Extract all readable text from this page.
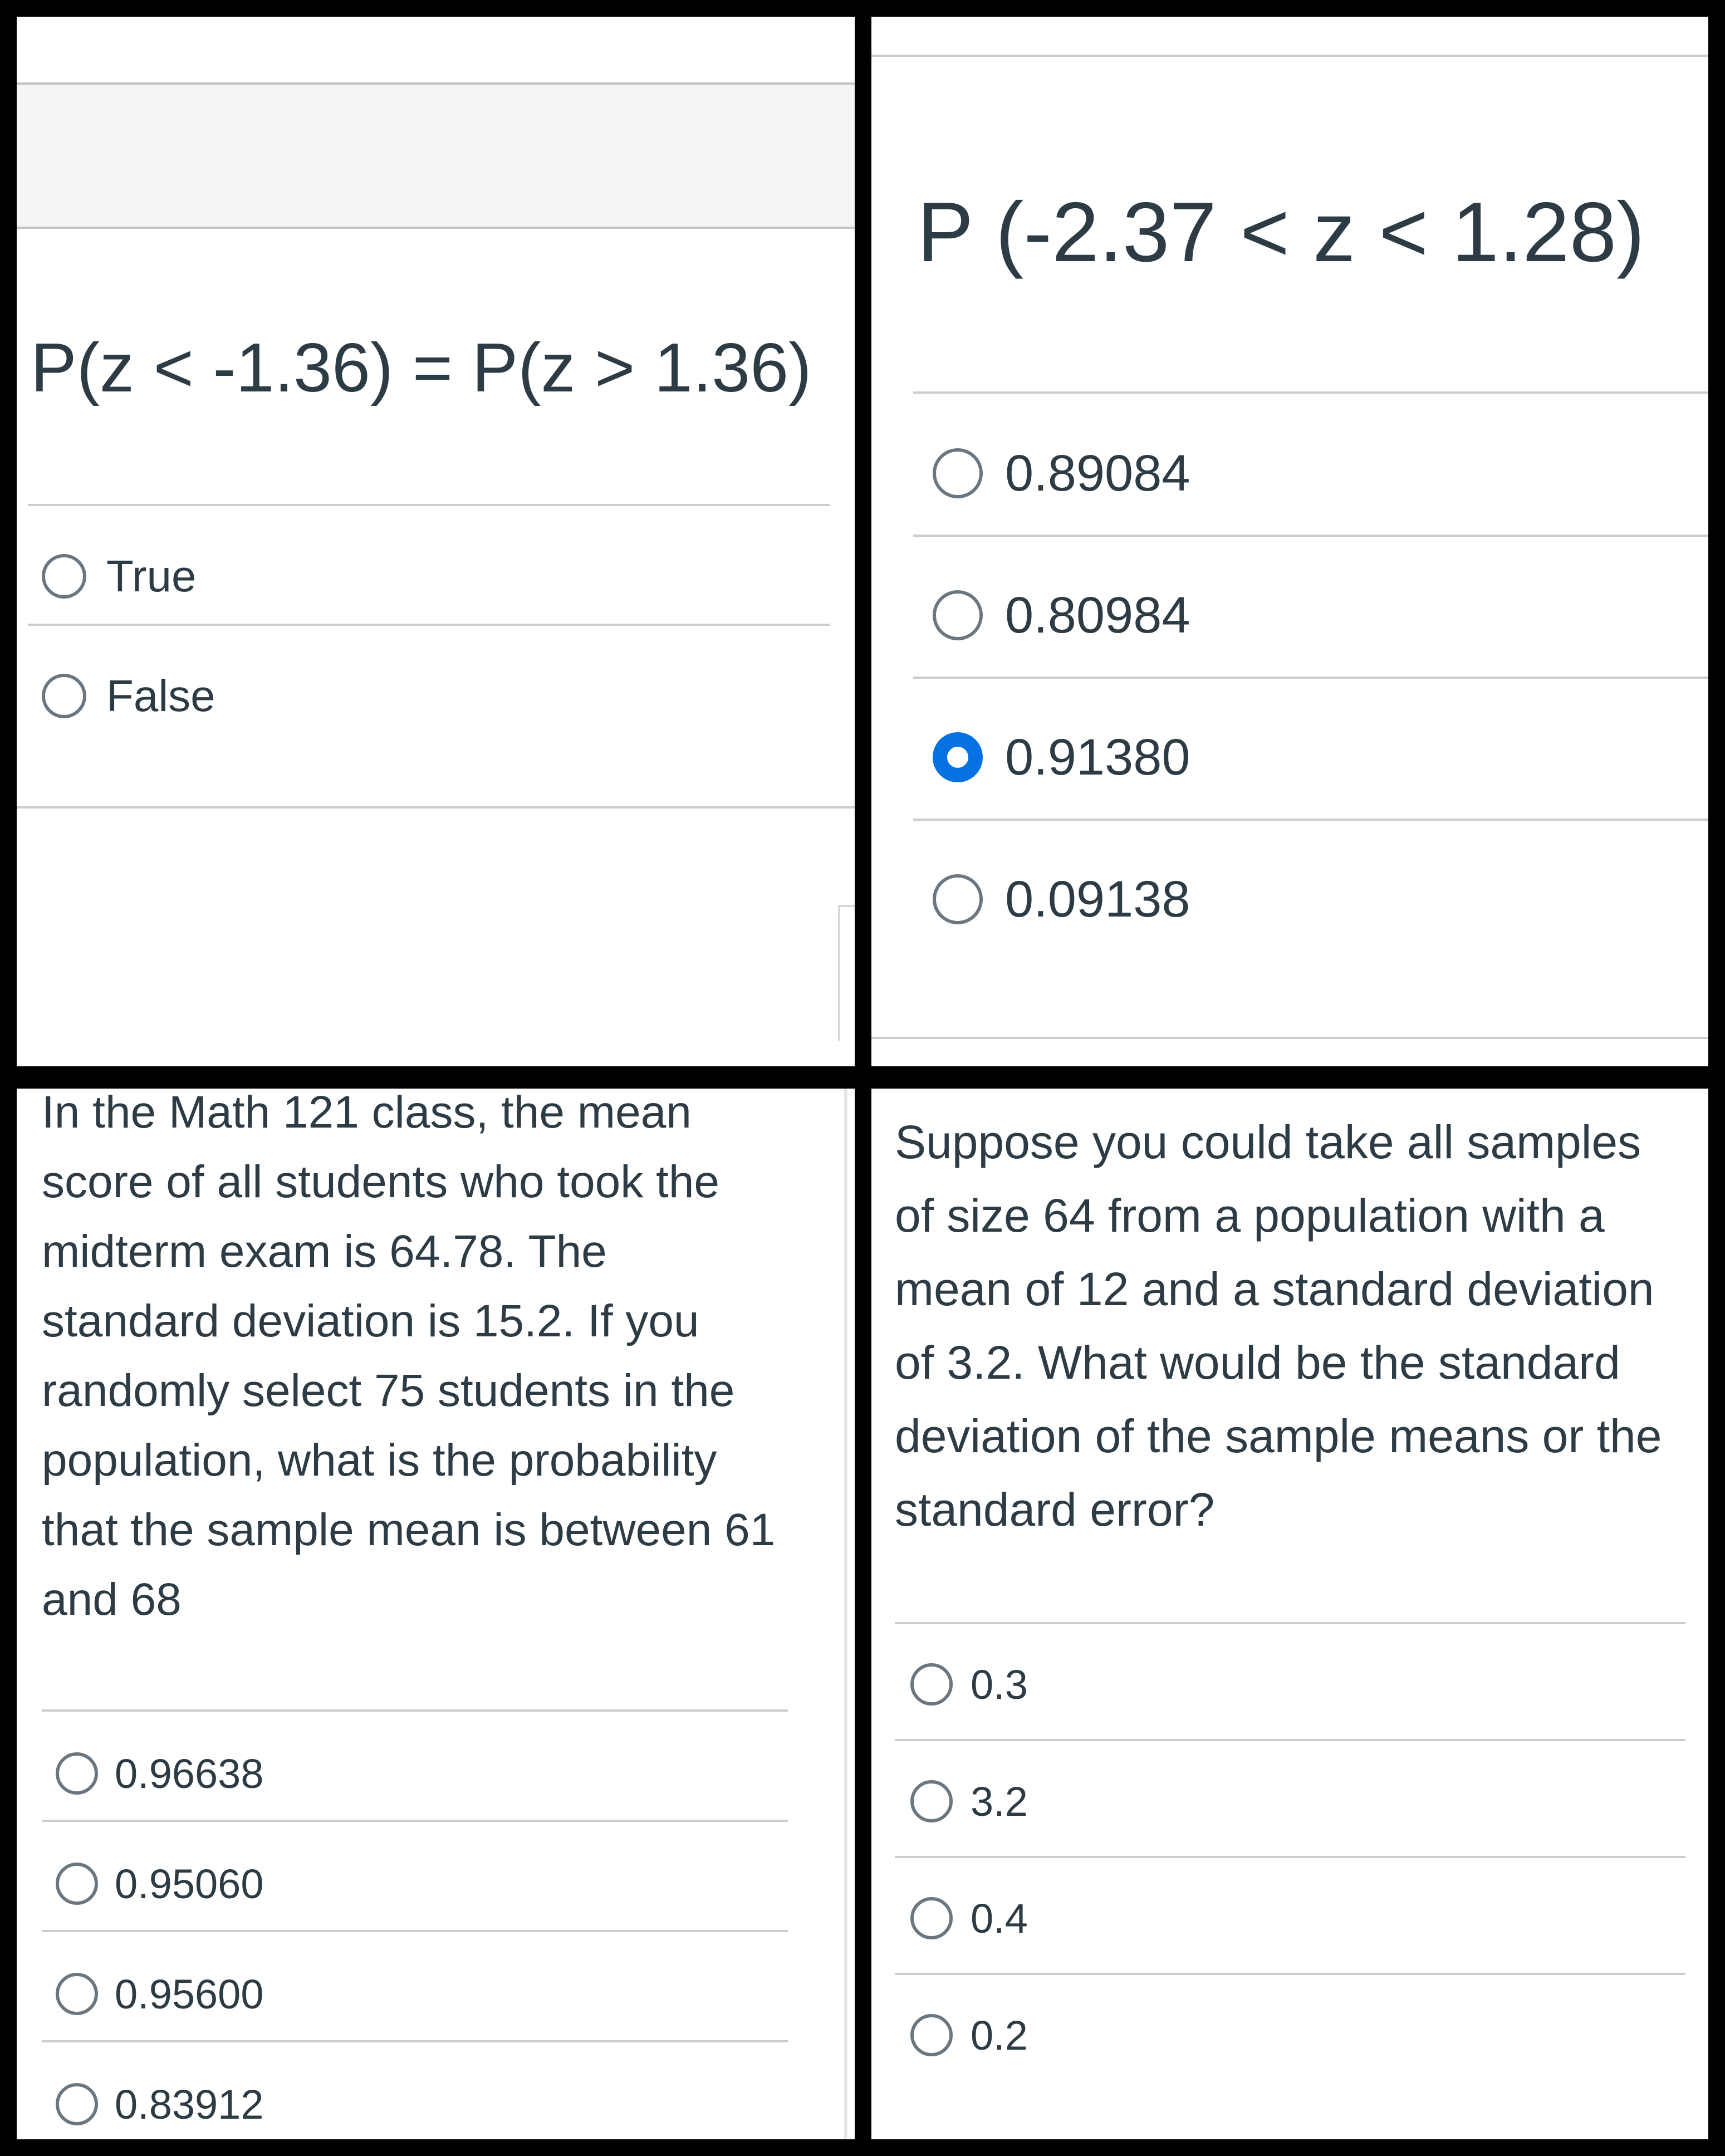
P(z < -1.36) = P(z > 1.36)
True
False
P (-2.37 < z < 1.28)
0.89084
0.80984
0.91380
0.09138
In the Math 121 class, the mean
score of all students who took the
midterm exam is 64.78. The
standard deviation is 15.2. If you
randomly select 75 students in the
population, what is the probability
that the sample mean is between 61
and 68
0.96638
0.95060
0.95600
0.83912
Suppose you could take all samples
of size 64 from a population with a
mean of 12 and a standard deviation
of 3.2. What would be the standard
deviation of the sample means or the
standard error?
0.3
3.2
0.4
0.2
